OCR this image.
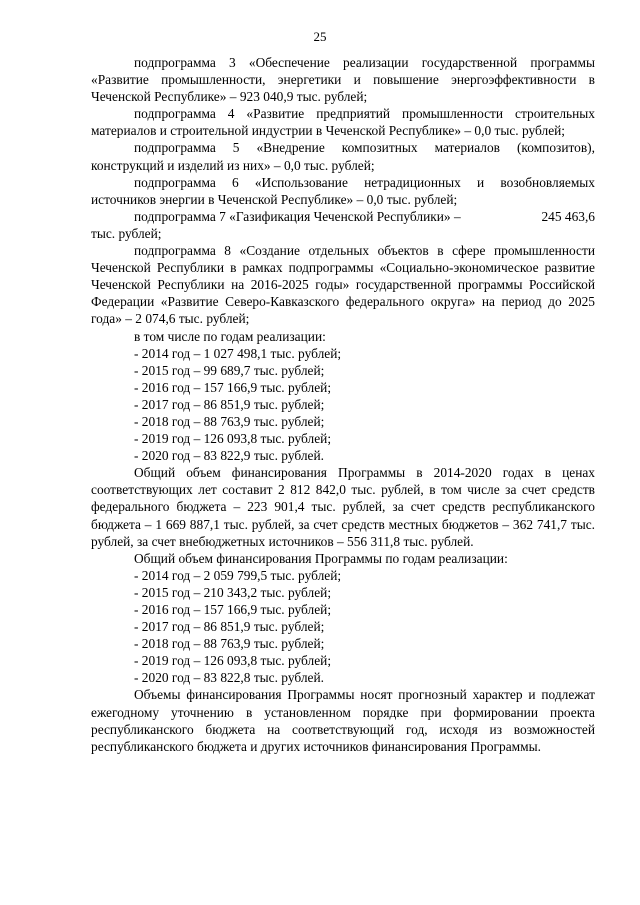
25

подпрограмма 3 «Обеспечение реализации государственной программы «Развитие промышленности, энергетики и повышение энергоэффективности в Чеченской Республике» – 923 040,9 тыс. рублей;

подпрограмма 4 «Развитие предприятий промышленности строительных материалов и строительной индустрии в Чеченской Республике» – 0,0 тыс. рублей;

подпрограмма 5 «Внедрение композитных материалов (композитов), конструкций и изделий из них» – 0,0 тыс. рублей;

подпрограмма 6 «Использование нетрадиционных и возобновляемых источников энергии в Чеченской Республике» – 0,0 тыс. рублей;

подпрограмма 7 «Газификация Чеченской Республики» –	245 463,6
тыс. рублей;

подпрограмма 8 «Создание отдельных объектов в сфере промышленности Чеченской Республики в рамках подпрограммы «Социально-экономическое развитие Чеченской Республики на 2016-2025 годы» государственной программы Российской Федерации «Развитие Северо-Кавказского федерального округа» на период до 2025 года» – 2 074,6 тыс. рублей;

в том числе по годам реализации:

- 2014 год – 1 027 498,1 тыс. рублей;

- 2015 год – 99 689,7 тыс. рублей;

- 2016 год – 157 166,9 тыс. рублей;

- 2017 год – 86 851,9 тыс. рублей;

- 2018 год – 88 763,9 тыс. рублей;

- 2019 год – 126 093,8 тыс. рублей;

- 2020 год – 83 822,9 тыс. рублей.

Общий объем финансирования Программы в 2014-2020 годах в ценах соответствующих лет составит 2 812 842,0 тыс. рублей, в том числе за счет средств федерального бюджета – 223 901,4 тыс. рублей, за счет средств республиканского бюджета – 1 669 887,1 тыс. рублей, за счет средств местных бюджетов – 362 741,7 тыс. рублей, за счет внебюджетных источников – 556 311,8 тыс. рублей.

Общий объем финансирования Программы по годам реализации:

- 2014 год – 2 059 799,5 тыс. рублей;

- 2015 год – 210 343,2 тыс. рублей;

- 2016 год – 157 166,9 тыс. рублей;

- 2017 год – 86 851,9 тыс. рублей;

- 2018 год – 88 763,9 тыс. рублей;

- 2019 год – 126 093,8 тыс. рублей;

- 2020 год – 83 822,8 тыс. рублей.

Объемы финансирования Программы носят прогнозный характер и подлежат ежегодному уточнению в установленном порядке при формировании проекта республиканского бюджета на соответствующий год, исходя из возможностей республиканского бюджета и других источников финансирования Программы.
